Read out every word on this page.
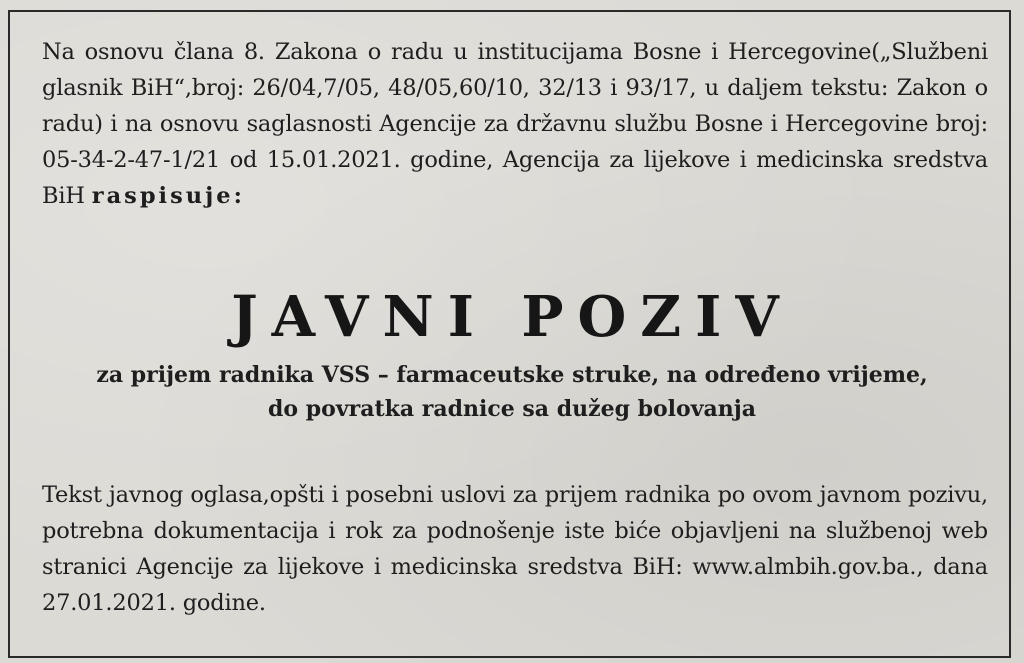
Na osnovu člana 8. Zakona o radu u institucijama Bosne i Hercegovine(„Službeni glasnik BiH“,broj: 26/04,7/05, 48/05,60/10, 32/13 i 93/17, u daljem tekstu: Zakon o radu) i na osnovu saglasnosti Agencije za državnu službu Bosne i Hercegovine broj: 05-34-2-47-1/21 od 15.01.2021. godine, Agencija za lijekove i medicinska sredstva BiH raspisuje:

JAVNI POZIV
za prijem radnika VSS – farmaceutske struke, na određeno vrijeme,
do povratka radnice sa dužeg bolovanja

Tekst javnog oglasa,opšti i posebni uslovi za prijem radnika po ovom javnom pozivu, potrebna dokumentacija i rok za podnošenje iste biće objavljeni na službenoj web stranici Agencije za lijekove i medicinska sredstva BiH: www.almbih.gov.ba., dana 27.01.2021. godine.
